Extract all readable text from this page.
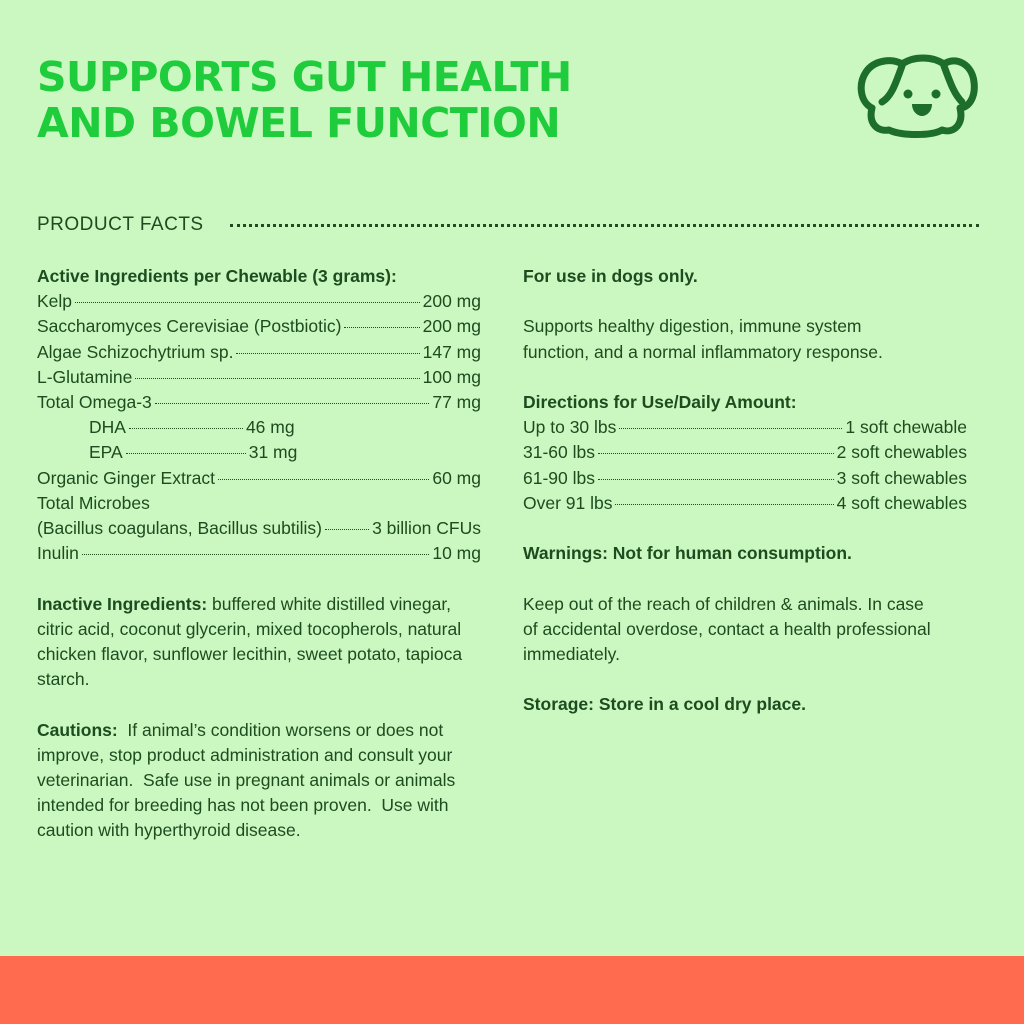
SUPPORTS GUT HEALTH
AND BOWEL FUNCTION
PRODUCT FACTS

Active Ingredients per Chewable (3 grams):

Kelp	200 mg
Saccharomyces Cerevisiae (Postbiotic)	200 mg
Algae Schizochytrium sp.	147 mg
L-Glutamine	100 mg
Total Omega-3	77 mg
DHA	46 mg
EPA	31 mg
Organic Ginger Extract	60 mg
Total Microbes
(Bacillus coagulans, Bacillus subtilis)	3 billion CFUs
Inulin	10 mg

Inactive Ingredients: buffered white distilled vinegar, citric acid, coconut glycerin, mixed tocopherols, natural chicken flavor, sunflower lecithin, sweet potato, tapioca starch.

Cautions:  If animal’s condition worsens or does not improve, stop product administration and consult your veterinarian.  Safe use in pregnant animals or animals intended for breeding has not been proven.  Use with caution with hyperthyroid disease.

For use in dogs only.

Supports healthy digestion, immune system function, and a normal inflammatory response.

Directions for Use/Daily Amount:

Up to 30 lbs	1 soft chewable
31-60 lbs	2 soft chewables
61-90 lbs	3 soft chewables
Over 91 lbs	4 soft chewables

Warnings: Not for human consumption.

Keep out of the reach of children & animals. In case of accidental overdose, contact a health professional immediately.

Storage: Store in a cool dry place.
